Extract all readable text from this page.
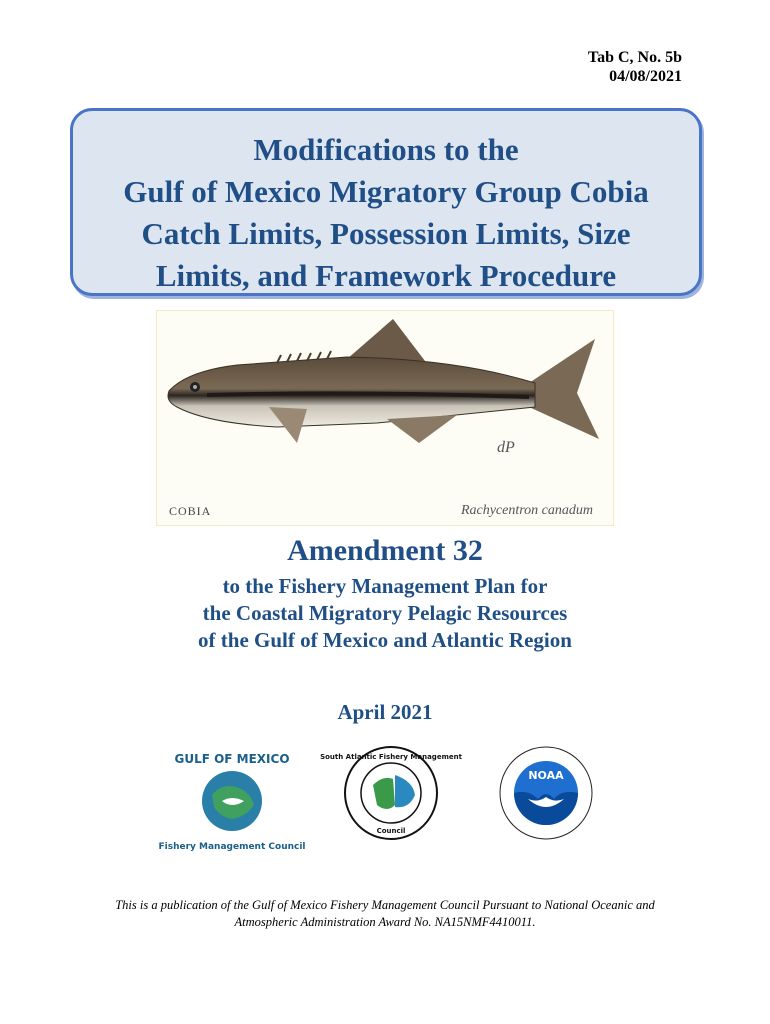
Tab C, No. 5b
04/08/2021
Modifications to the
Gulf of Mexico Migratory Group Cobia
Catch Limits, Possession Limits, Size
Limits, and Framework Procedure
dP
COBIA	Rachycentron canadum
Amendment 32
to the Fishery Management Plan for
the Coastal Migratory Pelagic Resources
of the Gulf of Mexico and Atlantic Region
April 2021
GULF OF MEXICO
Fishery Management Council
South Atlantic Fishery Management
Council
NOAA
This is a publication of the Gulf of Mexico Fishery Management Council Pursuant to National Oceanic and
Atmospheric Administration Award No. NA15NMF4410011.
